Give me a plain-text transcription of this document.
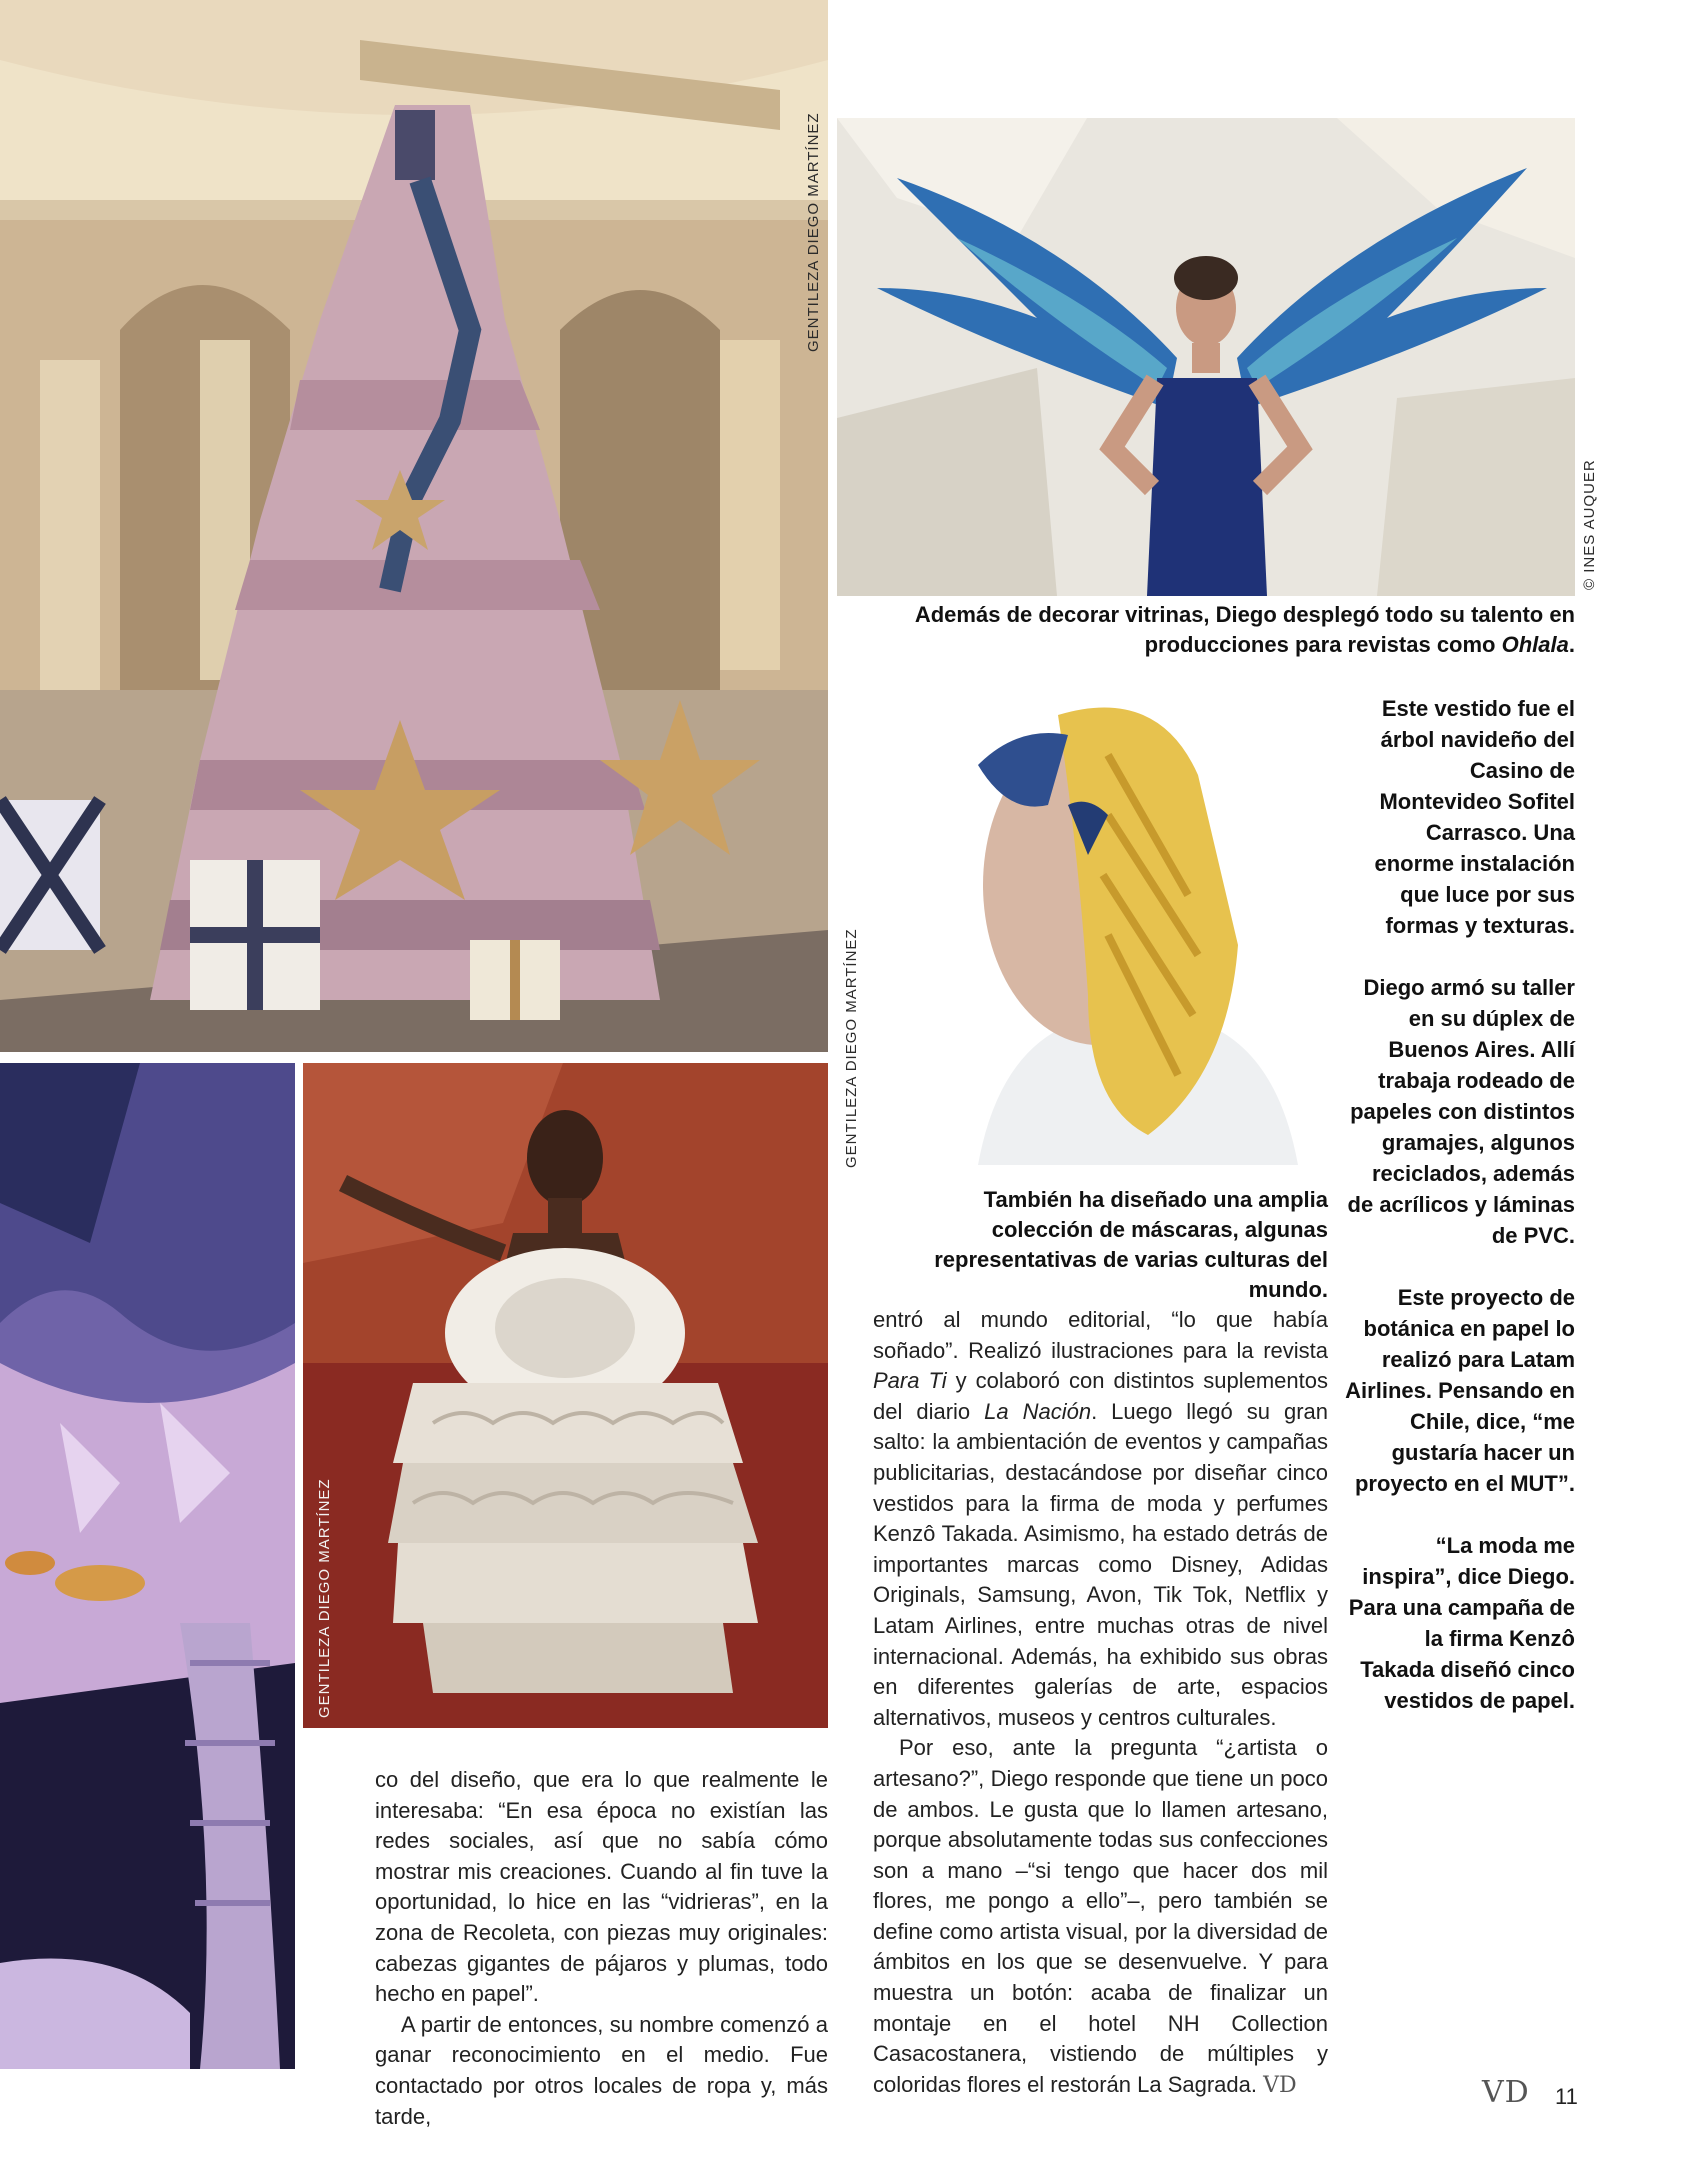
GENTILEZA DIEGO MARTÍNEZ
© INES AUQUER

Además de decorar vitrinas, Diego desplegó todo su talento en producciones para revistas como Ohlala.

GENTILEZA DIEGO MARTÍNEZ
También ha diseñado una amplia colección de máscaras, algunas representativas de varias culturas del mundo.

Este vestido fue el árbol navideño del Casino de Montevideo Sofitel Carrasco. Una enorme instalación que luce por sus formas y texturas.

Diego armó su taller en su dúplex de Buenos Aires. Allí trabaja rodeado de papeles con distintos gramajes, algunos reciclados, además de acrílicos y láminas de PVC.

Este proyecto de botánica en papel lo realizó para Latam Airlines. Pensando en Chile, dice, “me gustaría hacer un proyecto en el MUT”.

“La moda me inspira”, dice Diego. Para una campaña de la firma Kenzô Takada diseñó cinco vestidos de papel.

GENTILEZA DIEGO MARTÍNEZ

co del diseño, que era lo que realmente le interesaba: “En esa época no existían las redes sociales, así que no sabía cómo mostrar mis creaciones. Cuando al fin tuve la oportunidad, lo hice en las “vidrieras”, en la zona de Recoleta, con piezas muy originales: cabezas gigantes de pájaros y plumas, todo hecho en papel”.

A partir de entonces, su nombre comenzó a ganar reconocimiento en el medio. Fue contactado por otros locales de ropa y, más tarde,

entró al mundo editorial, “lo que había soñado”. Realizó ilustraciones para la revista Para Ti y colaboró con distintos suplementos del diario La Nación. Luego llegó su gran salto: la ambientación de eventos y campañas publicitarias, destacándose por diseñar cinco vestidos para la firma de moda y perfumes Kenzô Takada. Asimismo, ha estado detrás de importantes marcas como Disney, Adidas Originals, Samsung, Avon, Tik Tok, Netflix y Latam Airlines, entre muchas otras de nivel internacional. Además, ha exhibido sus obras en diferentes galerías de arte, espacios alternativos, museos y centros culturales.

Por eso, ante la pregunta “¿artista o artesano?”, Diego responde que tiene un poco de ambos. Le gusta que lo llamen artesano, porque absolutamente todas sus confecciones son a mano –“si tengo que hacer dos mil flores, me pongo a ello”–, pero también se define como artista visual, por la diversidad de ámbitos en los que se desenvuelve. Y para muestra un botón: acaba de finalizar un montaje en el hotel NH Collection Casacostanera, vistiendo de múltiples y coloridas flores el restorán La Sagrada. VD	VD 11
